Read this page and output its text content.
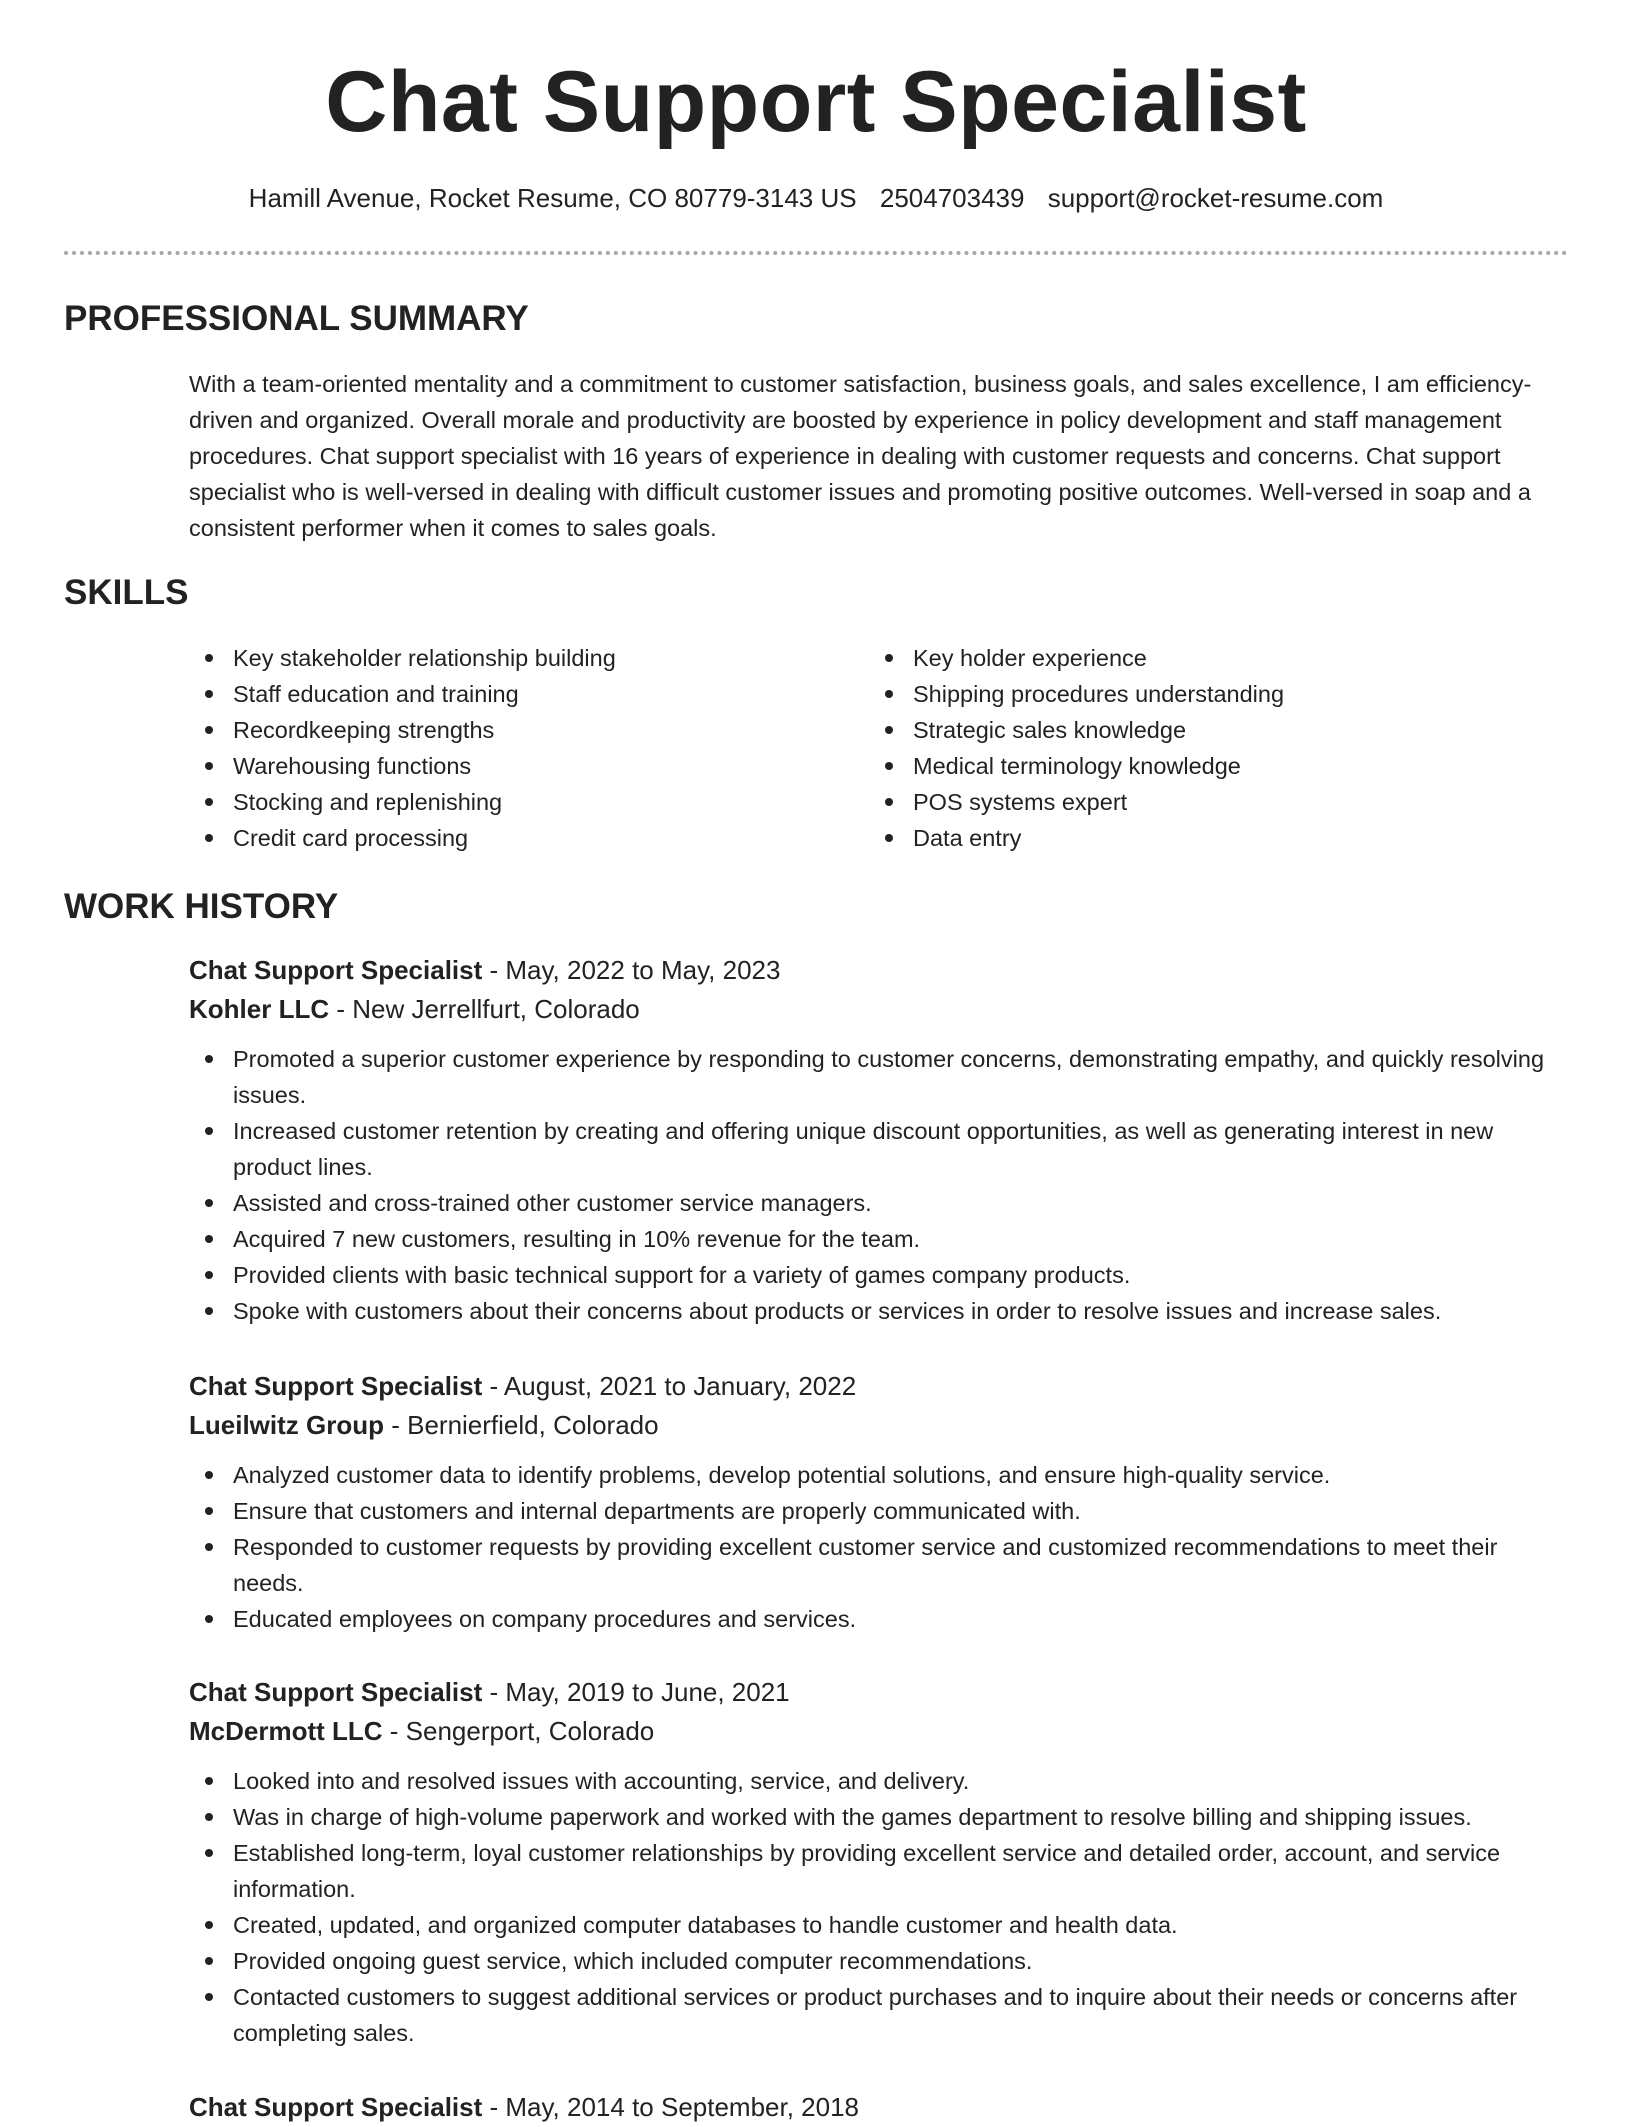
Chat Support Specialist
Hamill Avenue, Rocket Resume, CO 80779-3143 US 2504703439 support@rocket-resume.com
PROFESSIONAL SUMMARY

With a team-oriented mentality and a commitment to customer satisfaction, business goals, and sales excellence, I am efficiency-driven and organized. Overall morale and productivity are boosted by experience in policy development and staff management procedures. Chat support specialist with 16 years of experience in dealing with customer requests and concerns. Chat support specialist who is well-versed in dealing with difficult customer issues and promoting positive outcomes. Well-versed in soap and a consistent performer when it comes to sales goals.

SKILLS
Key stakeholder relationship building
Staff education and training
Recordkeeping strengths
Warehousing functions
Stocking and replenishing
Credit card processing
Key holder experience
Shipping procedures understanding
Strategic sales knowledge
Medical terminology knowledge
POS systems expert
Data entry
WORK HISTORY
Chat Support Specialist - May, 2022 to May, 2023
Kohler LLC - New Jerrellfurt, Colorado
Promoted a superior customer experience by responding to customer concerns, demonstrating empathy, and quickly resolving issues.
Increased customer retention by creating and offering unique discount opportunities, as well as generating interest in new product lines.
Assisted and cross-trained other customer service managers.
Acquired 7 new customers, resulting in 10% revenue for the team.
Provided clients with basic technical support for a variety of games company products.
Spoke with customers about their concerns about products or services in order to resolve issues and increase sales.
Chat Support Specialist - August, 2021 to January, 2022
Lueilwitz Group - Bernierfield, Colorado
Analyzed customer data to identify problems, develop potential solutions, and ensure high-quality service.
Ensure that customers and internal departments are properly communicated with.
Responded to customer requests by providing excellent customer service and customized recommendations to meet their needs.
Educated employees on company procedures and services.
Chat Support Specialist - May, 2019 to June, 2021
McDermott LLC - Sengerport, Colorado
Looked into and resolved issues with accounting, service, and delivery.
Was in charge of high-volume paperwork and worked with the games department to resolve billing and shipping issues.
Established long-term, loyal customer relationships by providing excellent service and detailed order, account, and service information.
Created, updated, and organized computer databases to handle customer and health data.
Provided ongoing guest service, which included computer recommendations.
Contacted customers to suggest additional services or product purchases and to inquire about their needs or concerns after completing sales.
Chat Support Specialist - May, 2014 to September, 2018
